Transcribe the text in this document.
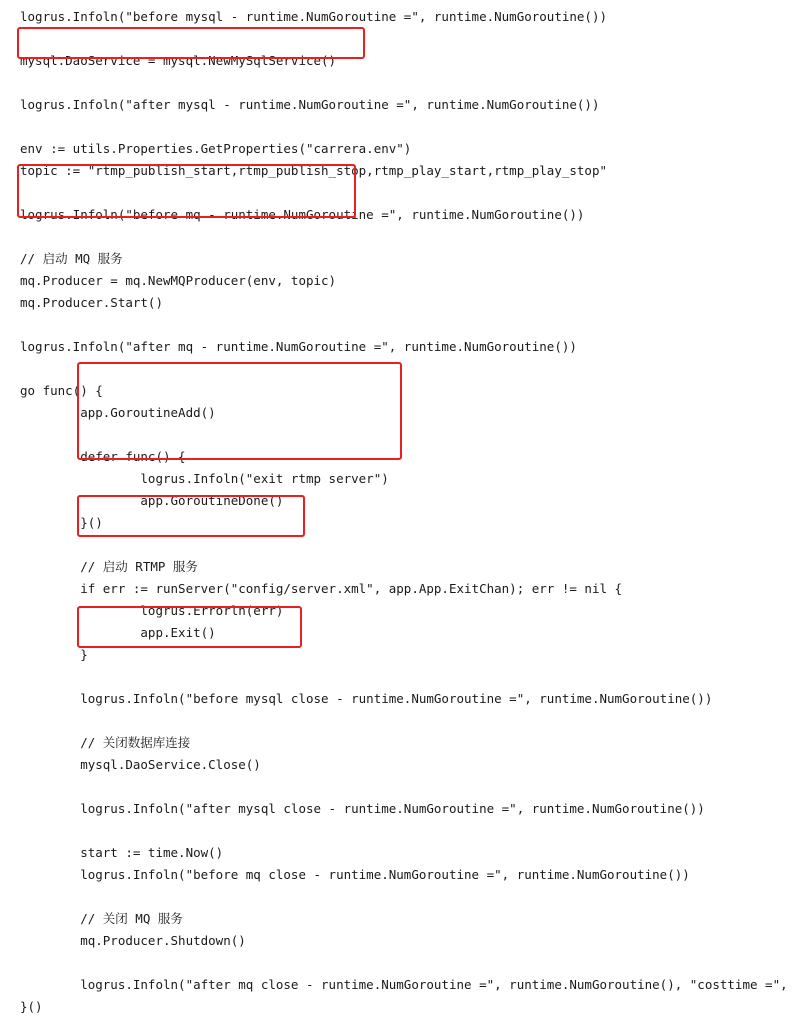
logrus.Infoln("before mysql - runtime.NumGoroutine =", runtime.NumGoroutine())
mysql.DaoService = mysql.NewMySqlService()
logrus.Infoln("after mysql - runtime.NumGoroutine =", runtime.NumGoroutine())
env := utils.Properties.GetProperties("carrera.env")
topic := "rtmp_publish_start,rtmp_publish_stop,rtmp_play_start,rtmp_play_stop"
logrus.Infoln("before mq - runtime.NumGoroutine =", runtime.NumGoroutine())
// 启动 MQ 服务
mq.Producer = mq.NewMQProducer(env, topic)
mq.Producer.Start()
logrus.Infoln("after mq - runtime.NumGoroutine =", runtime.NumGoroutine())
go func() {
app.GoroutineAdd()
defer func() {
logrus.Infoln("exit rtmp server")
app.GoroutineDone()
}()
// 启动 RTMP 服务
if err := runServer("config/server.xml", app.App.ExitChan); err != nil {
logrus.Errorln(err)
app.Exit()
}
logrus.Infoln("before mysql close - runtime.NumGoroutine =", runtime.NumGoroutine())
// 关闭数据库连接
mysql.DaoService.Close()
logrus.Infoln("after mysql close - runtime.NumGoroutine =", runtime.NumGoroutine())
start := time.Now()
logrus.Infoln("before mq close - runtime.NumGoroutine =", runtime.NumGoroutine())
// 关闭 MQ 服务
mq.Producer.Shutdown()
logrus.Infoln("after mq close - runtime.NumGoroutine =", runtime.NumGoroutine(), "costtime =",
}()
